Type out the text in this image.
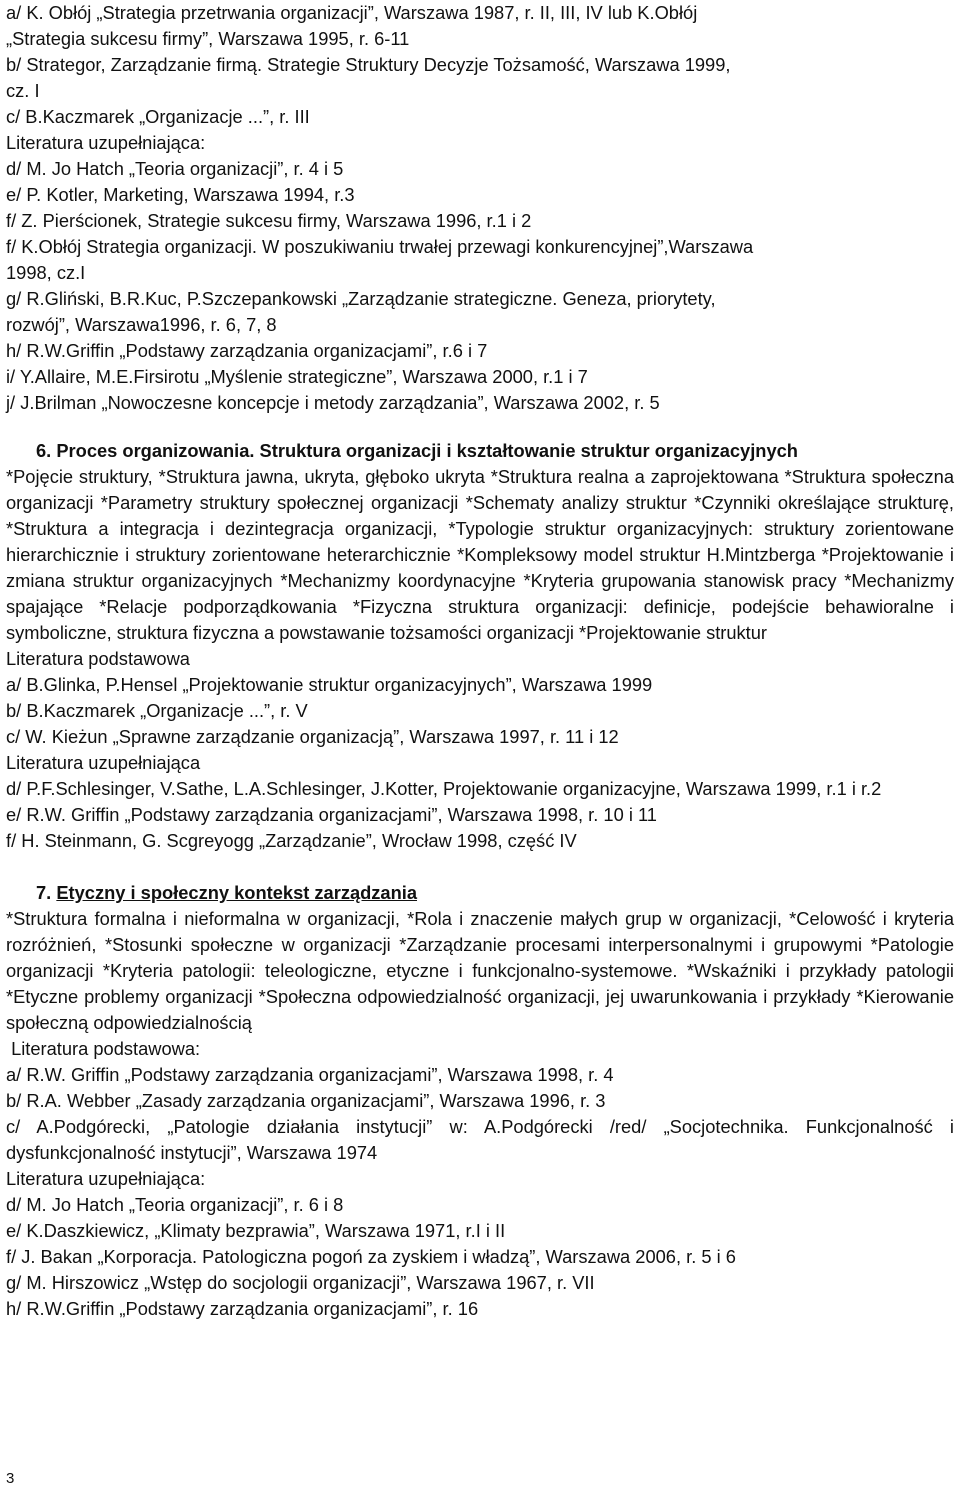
a/ K. Obłój „Strategia przetrwania organizacji”, Warszawa 1987, r. II, III, IV lub K.Obłój
„Strategia sukcesu firmy”, Warszawa 1995, r. 6-11
b/ Strategor, Zarządzanie firmą. Strategie Struktury Decyzje Tożsamość, Warszawa 1999,
cz. I
c/ B.Kaczmarek „Organizacje ...”, r. III
Literatura uzupełniająca:
d/ M. Jo Hatch „Teoria organizacji”, r. 4 i 5
e/ P. Kotler, Marketing, Warszawa 1994, r.3
f/ Z. Pierścionek, Strategie sukcesu firmy, Warszawa 1996, r.1 i 2
f/ K.Obłój Strategia organizacji. W poszukiwaniu trwałej przewagi konkurencyjnej”,Warszawa
1998, cz.I
g/ R.Gliński, B.R.Kuc, P.Szczepankowski „Zarządzanie strategiczne. Geneza, priorytety,
rozwój”, Warszawa1996, r. 6, 7, 8
h/ R.W.Griffin „Podstawy zarządzania organizacjami”, r.6 i 7
i/ Y.Allaire, M.E.Firsirotu „Myślenie strategiczne”, Warszawa 2000, r.1 i 7
j/ J.Brilman „Nowoczesne koncepcje i metody zarządzania”, Warszawa 2002, r. 5
6. Proces organizowania. Struktura organizacji i kształtowanie struktur organizacyjnych
*Pojęcie struktury, *Struktura jawna, ukryta, głęboko ukryta *Struktura realna a zaprojektowana *Struktura społeczna organizacji *Parametry struktury społecznej organizacji *Schematy analizy struktur *Czynniki określające strukturę, *Struktura a integracja i dezintegracja organizacji, *Typologie struktur organizacyjnych: struktury zorientowane hierarchicznie i struktury zorientowane heterarchicznie *Kompleksowy model struktur H.Mintzberga *Projektowanie i zmiana struktur organizacyjnych *Mechanizmy koordynacyjne *Kryteria grupowania stanowisk pracy *Mechanizmy spajające *Relacje podporządkowania *Fizyczna struktura organizacji: definicje, podejście behawioralne i symboliczne, struktura fizyczna a powstawanie tożsamości organizacji *Projektowanie struktur
Literatura podstawowa
a/ B.Glinka, P.Hensel „Projektowanie struktur organizacyjnych”, Warszawa 1999
b/ B.Kaczmarek „Organizacje ...”, r. V
c/ W. Kieżun „Sprawne zarządzanie organizacją”, Warszawa 1997, r. 11 i 12
Literatura uzupełniająca
d/ P.F.Schlesinger, V.Sathe, L.A.Schlesinger, J.Kotter, Projektowanie organizacyjne, Warszawa 1999, r.1 i r.2
e/ R.W. Griffin „Podstawy zarządzania organizacjami”, Warszawa 1998, r. 10 i 11
f/ H. Steinmann, G. Scgreyogg „Zarządzanie”, Wrocław 1998, część IV
7. Etyczny i społeczny kontekst zarządzania
*Struktura formalna i nieformalna w organizacji, *Rola i znaczenie małych grup w organizacji, *Celowość i kryteria rozróżnień, *Stosunki społeczne w organizacji *Zarządzanie procesami interpersonalnymi i grupowymi *Patologie organizacji *Kryteria patologii: teleologiczne, etyczne i funkcjonalno-systemowe. *Wskaźniki i przykłady patologii *Etyczne problemy organizacji *Społeczna odpowiedzialność organizacji, jej uwarunkowania i przykłady *Kierowanie społeczną odpowiedzialnością
Literatura podstawowa:
a/ R.W. Griffin „Podstawy zarządzania organizacjami”, Warszawa 1998, r. 4
b/ R.A. Webber „Zasady zarządzania organizacjami”, Warszawa 1996, r. 3
c/ A.Podgórecki, „Patologie działania instytucji” w: A.Podgórecki /red/ „Socjotechnika. Funkcjonalność i dysfunkcjonalność instytucji”, Warszawa 1974
Literatura uzupełniająca:
d/ M. Jo Hatch „Teoria organizacji”, r. 6 i 8
e/ K.Daszkiewicz, „Klimaty bezprawia”, Warszawa 1971, r.I i II
f/ J. Bakan „Korporacja. Patologiczna pogoń za zyskiem i władzą”, Warszawa 2006, r. 5 i 6
g/ M. Hirszowicz „Wstęp do socjologii organizacji”, Warszawa 1967, r. VII
h/ R.W.Griffin „Podstawy zarządzania organizacjami”, r. 16
3
